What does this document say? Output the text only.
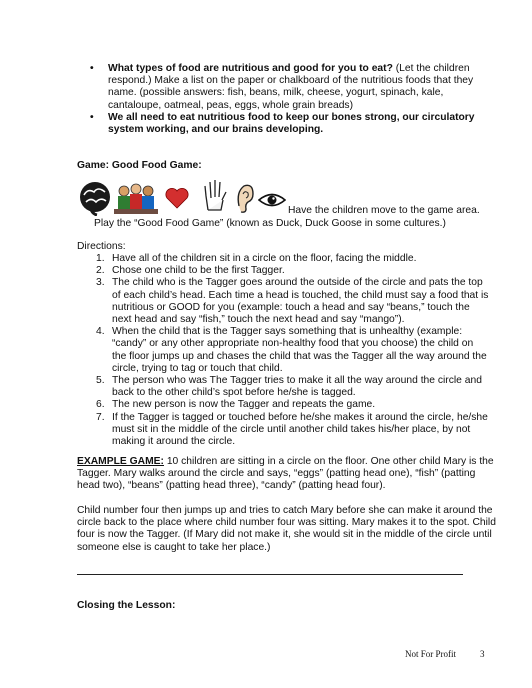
• What types of food are nutritious and good for you to eat? (Let the children respond.) Make a list on the paper or chalkboard of the nutritious foods that they name. (possible answers: fish, beans, milk, cheese, yogurt, spinach, kale, cantaloupe, oatmeal, peas, eggs, whole grain breads)
• We all need to eat nutritious food to keep our bones strong, our circulatory system working, and our brains developing.
Game: Good Food Game:
Have the children move to the game area.
Play the “Good Food Game” (known as Duck, Duck Goose in some cultures.)
Directions:
1. Have all of the children sit in a circle on the floor, facing the middle.
2. Chose one child to be the first Tagger.
3. The child who is the Tagger goes around the outside of the circle and pats the top of each child’s head. Each time a head is touched, the child must say a food that is nutritious or GOOD for you (example: touch a head and say “beans,” touch the next head and say “fish,” touch the next head and say “mango”).
4. When the child that is the Tagger says something that is unhealthy (example: “candy” or any other appropriate non-healthy food that you choose) the child on the floor jumps up and chases the child that was the Tagger all the way around the circle, trying to tag or touch that child.
5. The person who was The Tagger tries to make it all the way around the circle and back to the other child’s spot before he/she is tagged.
6. The new person is now the Tagger and repeats the game.
7. If the Tagger is tagged or touched before he/she makes it around the circle, he/she must sit in the middle of the circle until another child takes his/her place, by not making it around the circle.
EXAMPLE GAME: 10 children are sitting in a circle on the floor. One other child Mary is the Tagger. Mary walks around the circle and says, “eggs” (patting head one), “fish” (patting head two), “beans” (patting head three), “candy” (patting head four).
Child number four then jumps up and tries to catch Mary before she can make it around the circle back to the place where child number four was sitting. Mary makes it to the spot. Child four is now the Tagger. (If Mary did not make it, she would sit in the middle of the circle until someone else is caught to take her place.)
Closing the Lesson:
Not For Profit	3
